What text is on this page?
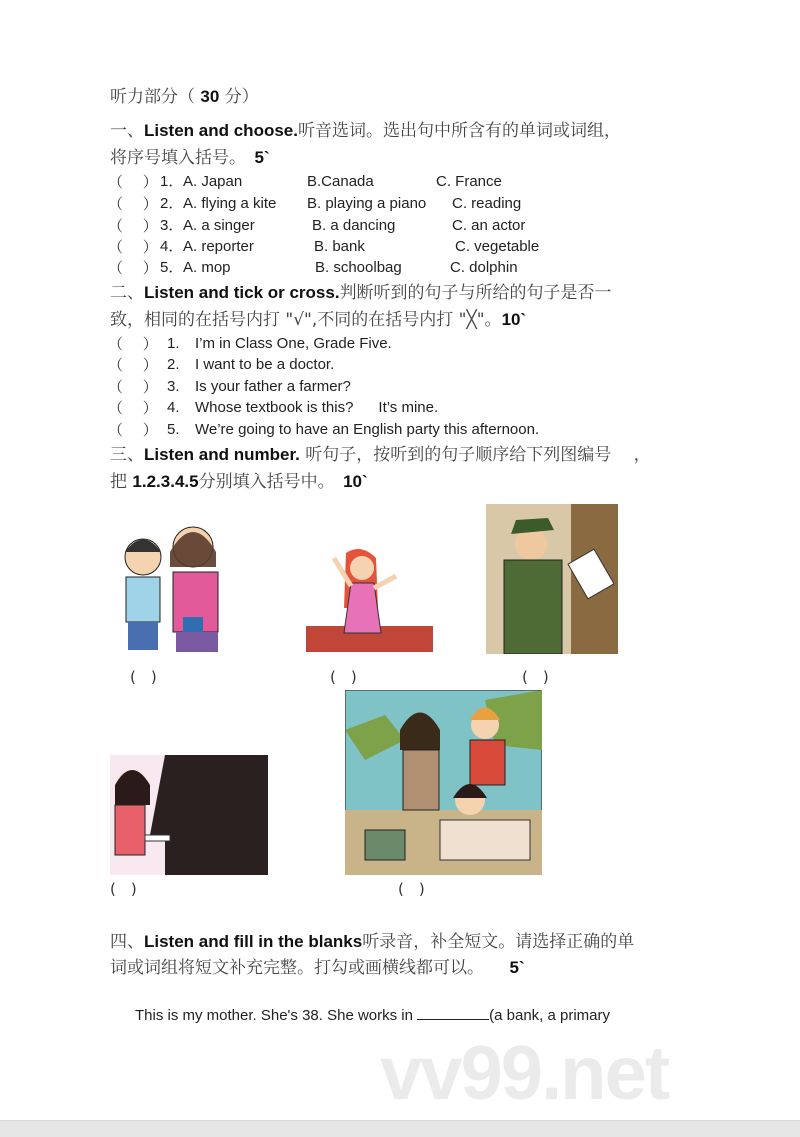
听力部分（ 30 分）
一、Listen and choose.听音选词。选出句中所含有的单词或词组，
将序号填入括号。　 5`
（　 ） 1． A. Japan	B.Canada	C. France
（　 ） 2． A. flying a kite B. playing a piano C. reading
（　 ） 3． A. a singer	B. a dancing	C. an actor
（　 ） 4． A. reporter	B. bank	C. vegetable
（　 ） 5． A. mop	B. schoolbag	C. dolphin
二、Listen and tick or cross.判断听到的句子与所给的句子是否一
致，相同的在括号内打 "√",不同的在括号内打 "╳"。10`
（　 ） 1. I’m in Class One, Grade Five.
（　 ） 2. I want to be a doctor.
（　 ） 3. Is your father a farmer?
（　 ） 4. Whose textbook is this?      It’s mine.
（　 ） 5. We’re going to have an English party this afternoon.
三、Listen and number. 听句子，按听到的句子顺序给下列图编号　 ，
把 1.2.3.4.5分别填入括号中。　 10`
(　)	(　)	(　)
(　)	(　)
四、Listen and fill in the blanks听录音，补全短文。请选择正确的单
词或词组将短文补充完整。打勾或画横线都可以。　　 5`
This is my mother. She's 38. She works in	(a bank, a primary
vv99.net
